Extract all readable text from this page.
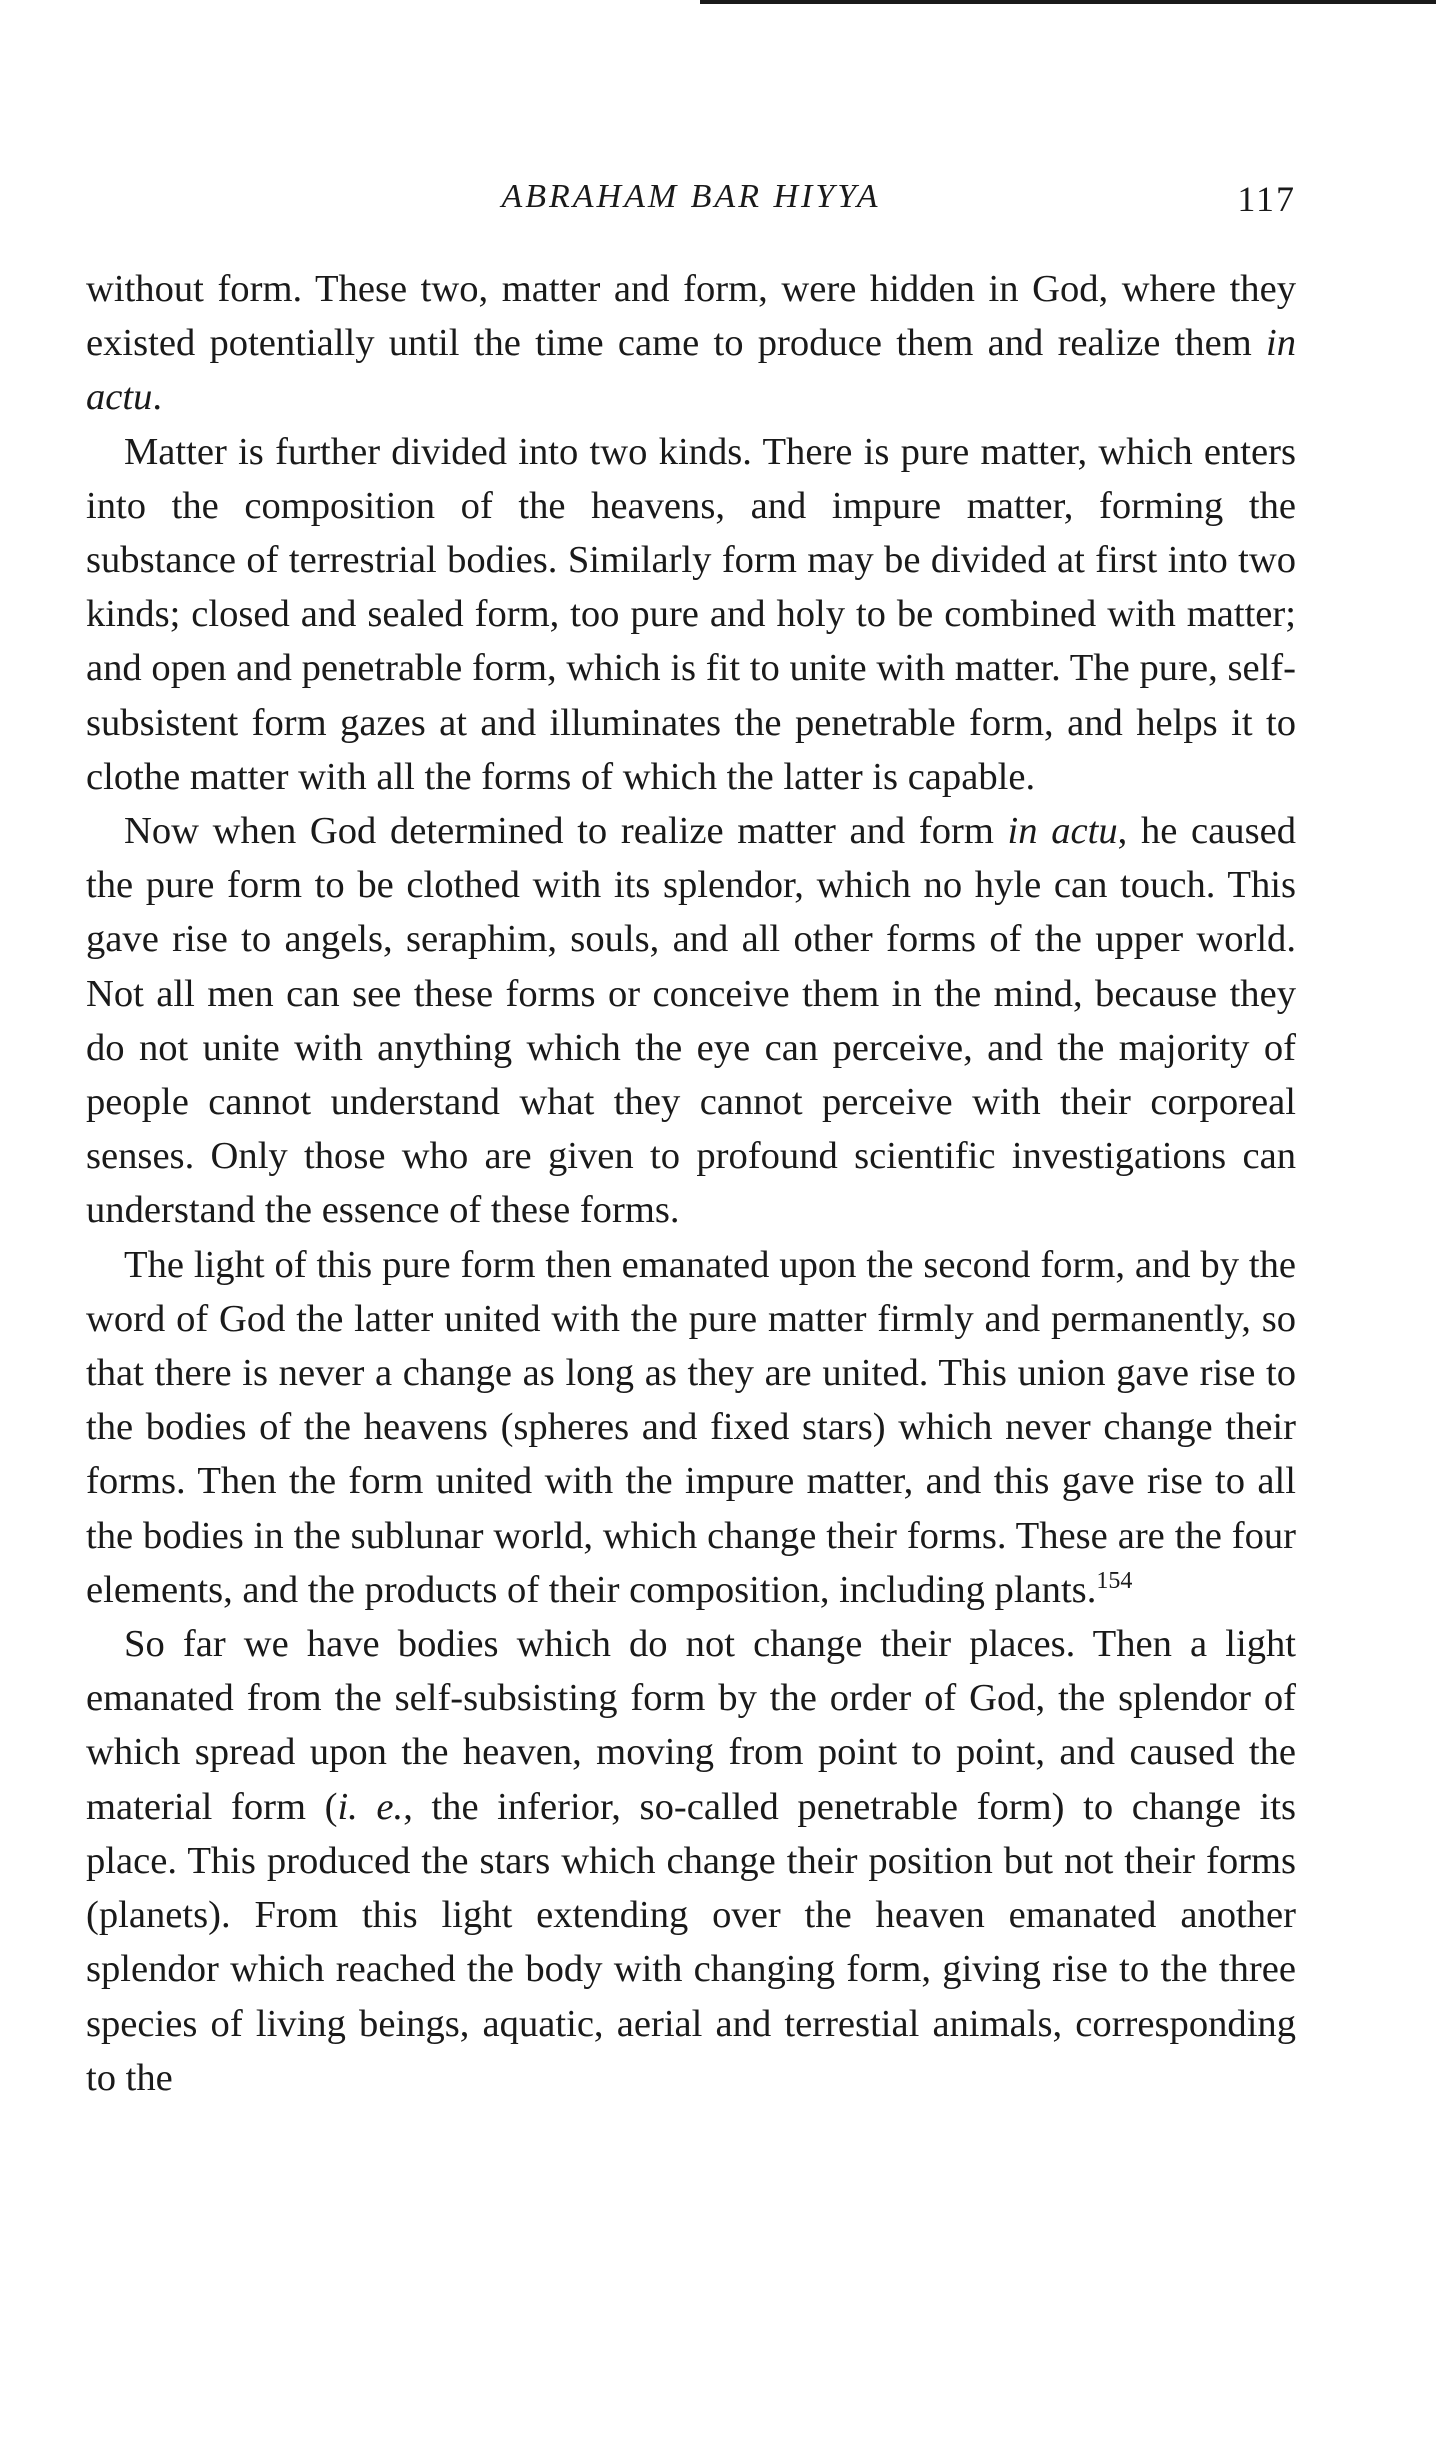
ABRAHAM BAR HIYYA	117

without form. These two, matter and form, were hidden in God, where they existed potentially until the time came to produce them and realize them in actu.

Matter is further divided into two kinds. There is pure matter, which enters into the composition of the heavens, and impure matter, forming the substance of terrestrial bodies. Similarly form may be divided at first into two kinds; closed and sealed form, too pure and holy to be combined with matter; and open and penetrable form, which is fit to unite with matter. The pure, self-subsistent form gazes at and illuminates the penetrable form, and helps it to clothe matter with all the forms of which the latter is capable.

Now when God determined to realize matter and form in actu, he caused the pure form to be clothed with its splendor, which no hyle can touch. This gave rise to angels, seraphim, souls, and all other forms of the upper world. Not all men can see these forms or conceive them in the mind, because they do not unite with anything which the eye can perceive, and the majority of people cannot understand what they cannot perceive with their corporeal senses. Only those who are given to profound scientific investigations can understand the essence of these forms.

The light of this pure form then emanated upon the second form, and by the word of God the latter united with the pure matter firmly and permanently, so that there is never a change as long as they are united. This union gave rise to the bodies of the heavens (spheres and fixed stars) which never change their forms. Then the form united with the impure matter, and this gave rise to all the bodies in the sublunar world, which change their forms. These are the four elements, and the products of their composition, including plants.$^{154}$

So far we have bodies which do not change their places. Then a light emanated from the self-subsisting form by the order of God, the splendor of which spread upon the heaven, moving from point to point, and caused the material form (i. e., the inferior, so-called penetrable form) to change its place. This produced the stars which change their position but not their forms (planets). From this light extending over the heaven emanated another splendor which reached the body with changing form, giving rise to the three species of living beings, aquatic, aerial and terrestial animals, corresponding to the
